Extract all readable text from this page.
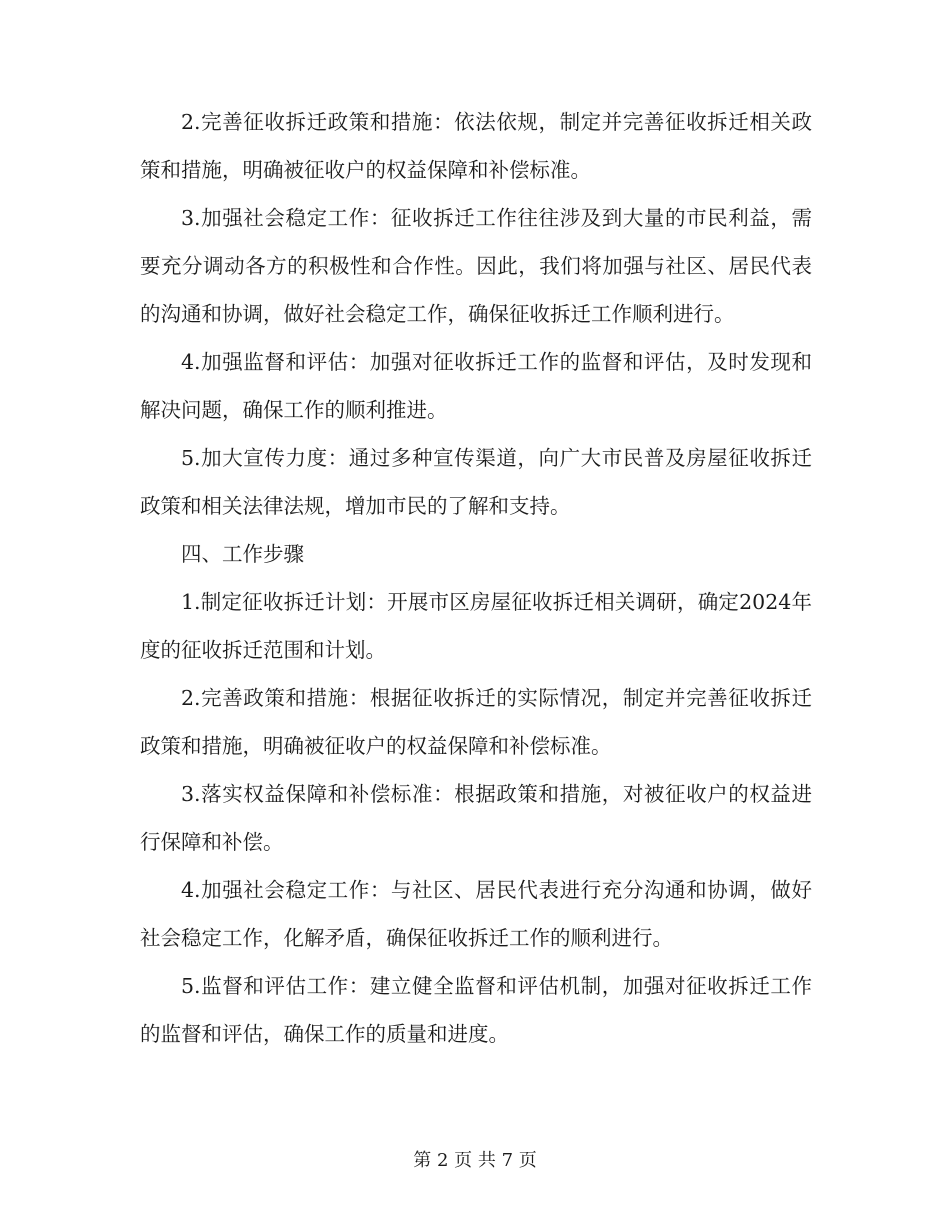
2.完善征收拆迁政策和措施：依法依规，制定并完善征收拆迁相关政策和措施，明确被征收户的权益保障和补偿标准。

3.加强社会稳定工作：征收拆迁工作往往涉及到大量的市民利益，需要充分调动各方的积极性和合作性。因此，我们将加强与社区、居民代表的沟通和协调，做好社会稳定工作，确保征收拆迁工作顺利进行。

4.加强监督和评估：加强对征收拆迁工作的监督和评估，及时发现和解决问题，确保工作的顺利推进。

5.加大宣传力度：通过多种宣传渠道，向广大市民普及房屋征收拆迁政策和相关法律法规，增加市民的了解和支持。

四、工作步骤

1.制定征收拆迁计划：开展市区房屋征收拆迁相关调研，确定2024年度的征收拆迁范围和计划。

2.完善政策和措施：根据征收拆迁的实际情况，制定并完善征收拆迁政策和措施，明确被征收户的权益保障和补偿标准。

3.落实权益保障和补偿标准：根据政策和措施，对被征收户的权益进行保障和补偿。

4.加强社会稳定工作：与社区、居民代表进行充分沟通和协调，做好社会稳定工作，化解矛盾，确保征收拆迁工作的顺利进行。

5.监督和评估工作：建立健全监督和评估机制，加强对征收拆迁工作的监督和评估，确保工作的质量和进度。

第 2 页 共 7 页
